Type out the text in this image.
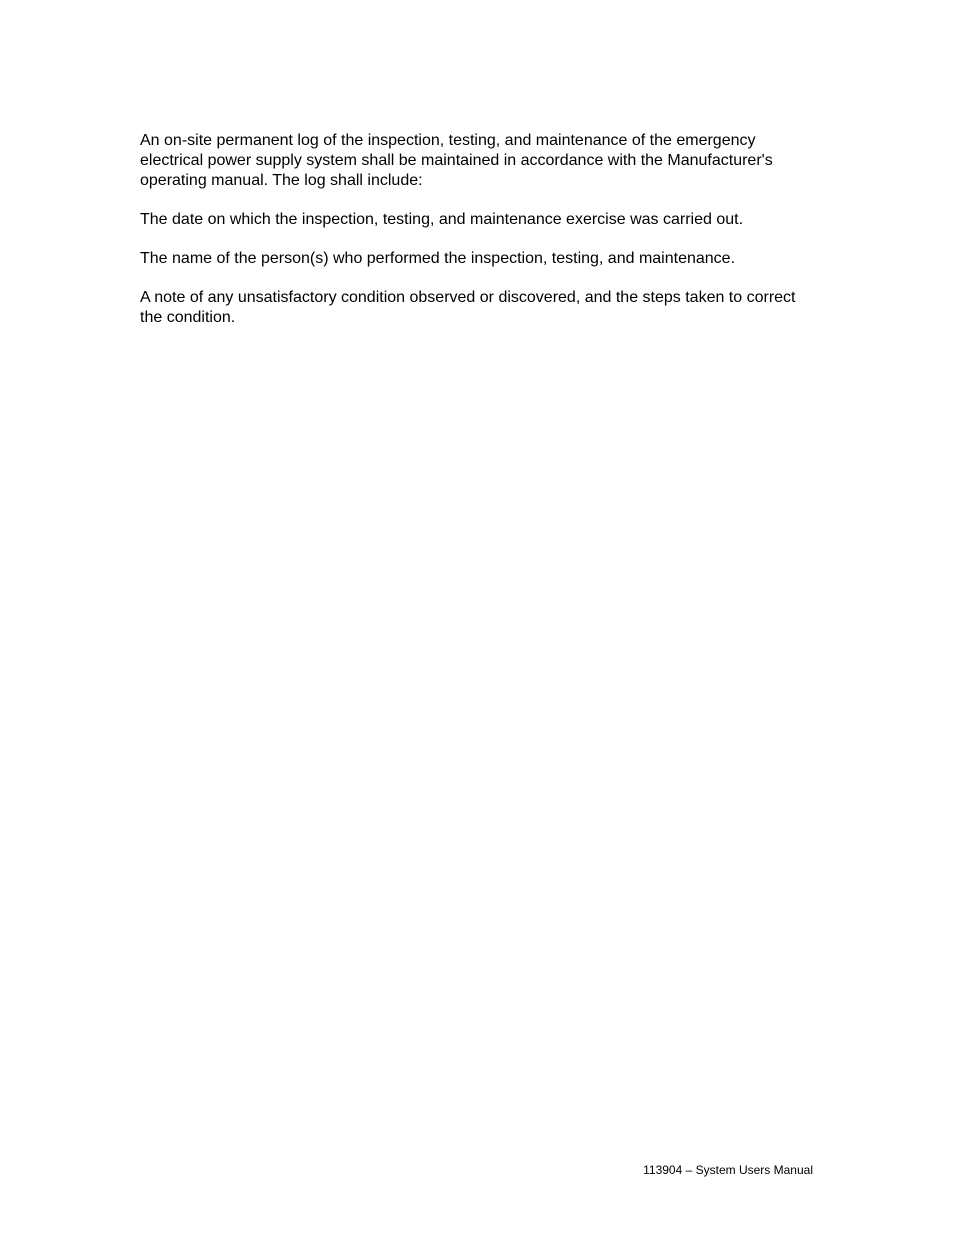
An on-site permanent log of the inspection, testing, and maintenance of the emergency electrical power supply system shall be maintained in accordance with the Manufacturer's operating manual. The log shall include:

The date on which the inspection, testing, and maintenance exercise was carried out.

The name of the person(s) who performed the inspection, testing, and maintenance.

A note of any unsatisfactory condition observed or discovered, and the steps taken to correct the condition.

113904 – System Users Manual
